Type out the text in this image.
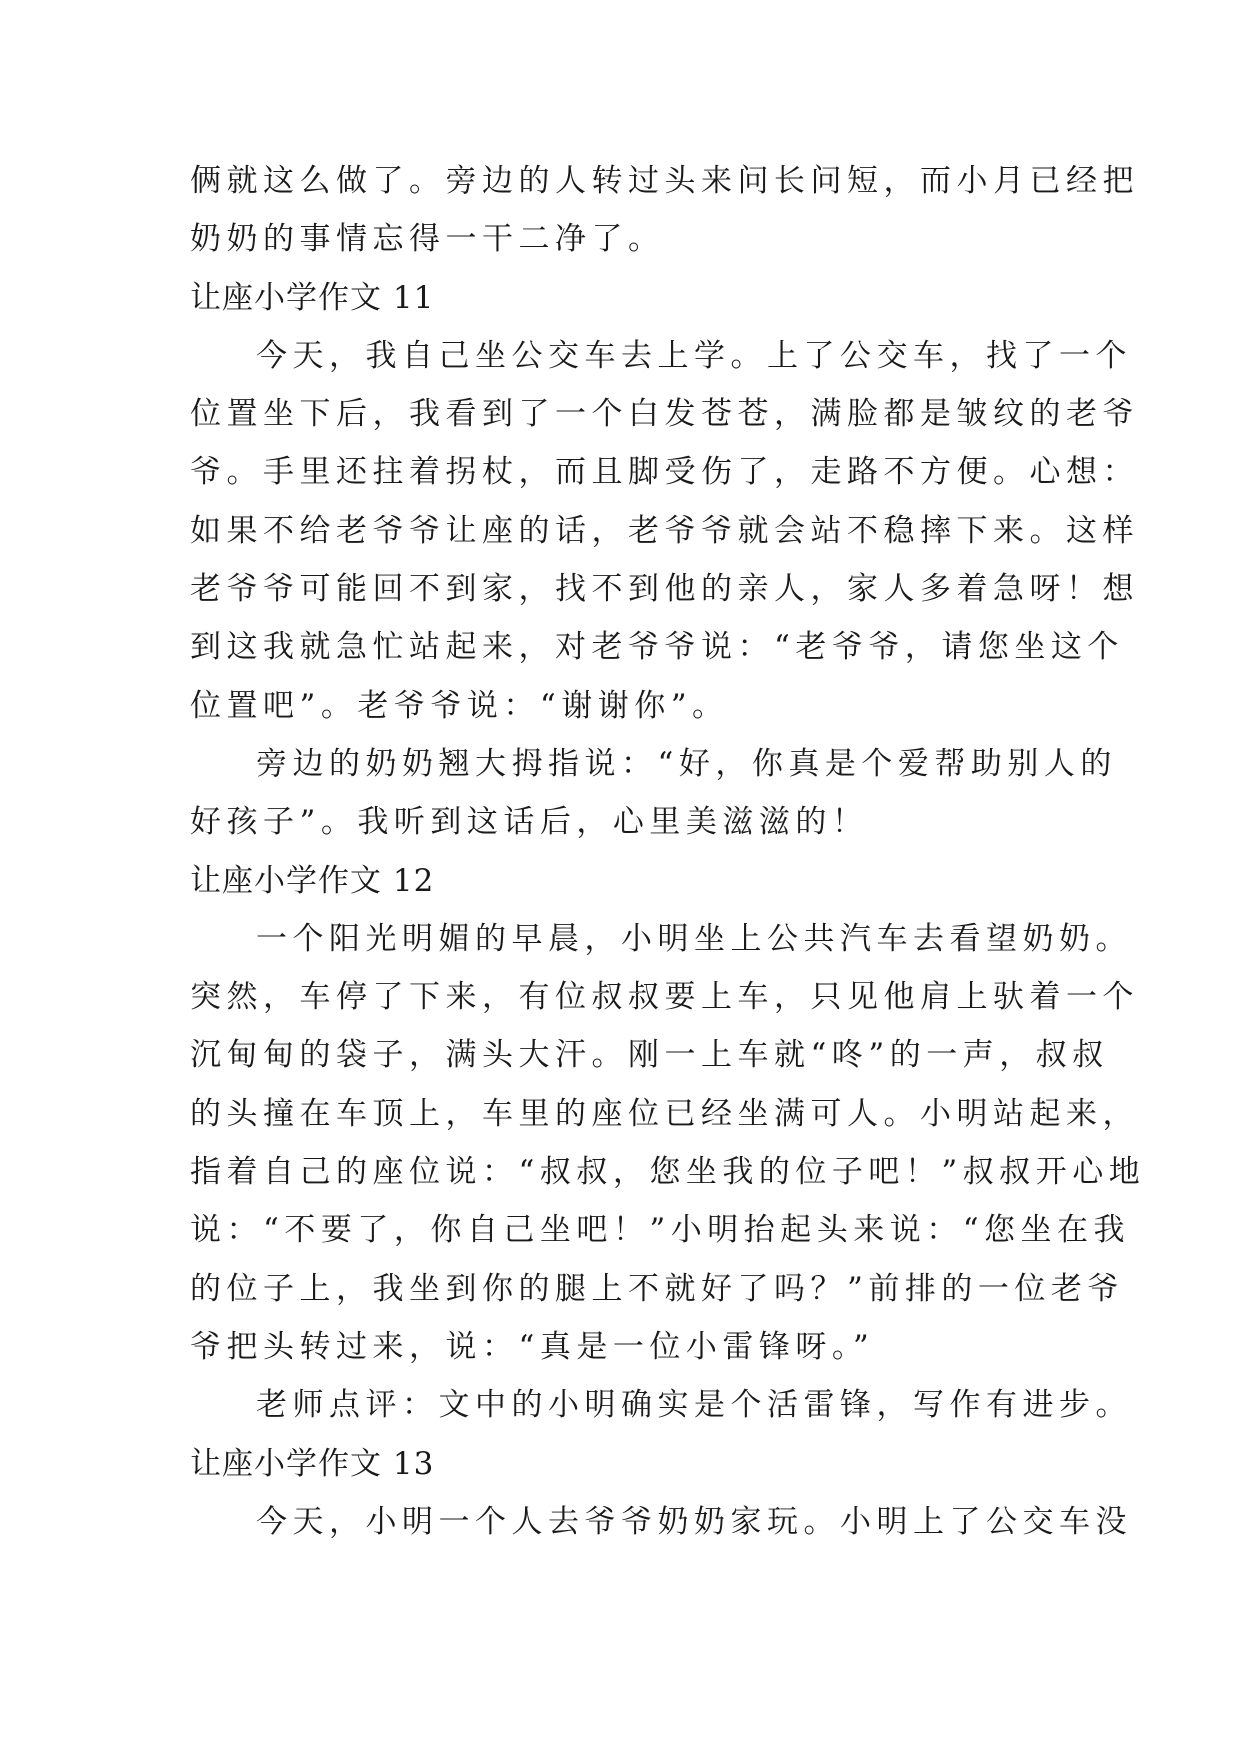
俩就这么做了。旁边的人转过头来问长问短，而小月已经把
奶奶的事情忘得一干二净了。
让座小学作文 11
今天，我自己坐公交车去上学。上了公交车，找了一个
位置坐下后，我看到了一个白发苍苍，满脸都是皱纹的老爷
爷。手里还拄着拐杖，而且脚受伤了，走路不方便。心想：
如果不给老爷爷让座的话，老爷爷就会站不稳摔下来。这样
老爷爷可能回不到家，找不到他的亲人，家人多着急呀！想
到这我就急忙站起来，对老爷爷说：“老爷爷，请您坐这个
位置吧”。老爷爷说：“谢谢你”。
旁边的奶奶翘大拇指说：“好，你真是个爱帮助别人的
好孩子”。我听到这话后，心里美滋滋的！
让座小学作文 12
一个阳光明媚的早晨，小明坐上公共汽车去看望奶奶。
突然，车停了下来，有位叔叔要上车，只见他肩上驮着一个
沉甸甸的袋子，满头大汗。刚一上车就“咚”的一声，叔叔
的头撞在车顶上，车里的座位已经坐满可人。小明站起来，
指着自己的座位说：“叔叔，您坐我的位子吧！”叔叔开心地
说：“不要了，你自己坐吧！”小明抬起头来说：“您坐在我
的位子上，我坐到你的腿上不就好了吗？”前排的一位老爷
爷把头转过来，说：“真是一位小雷锋呀。”
老师点评：文中的小明确实是个活雷锋，写作有进步。
让座小学作文 13
今天，小明一个人去爷爷奶奶家玩。小明上了公交车没
